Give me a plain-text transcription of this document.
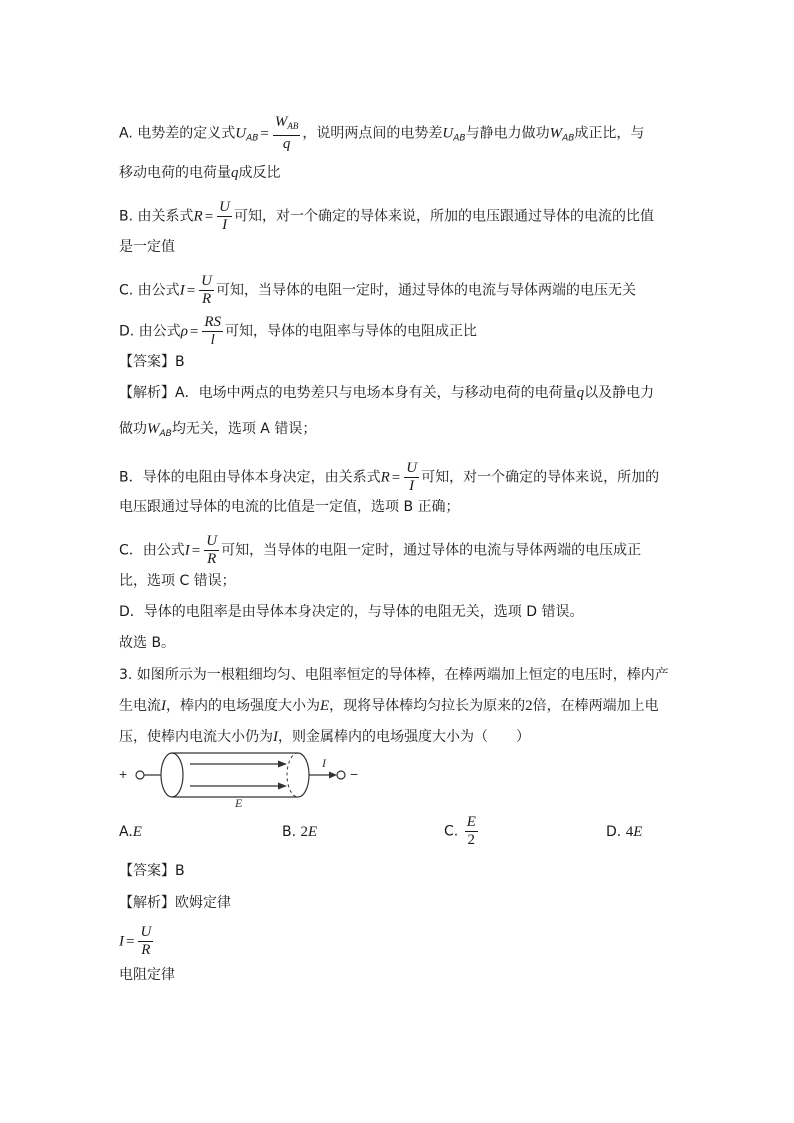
A. 电势差的定义式$U_{AB} = \frac{W_{AB}}{q}$ ，说明两点间的电势差$U_{AB}$与静电力做功$W_{AB}$成正比，与
移动电荷的电荷量q成反比
B. 由关系式$R = \frac{U}{I}$ 可知，对一个确定的导体来说，所加的电压跟通过导体的电流的比值
是一定值
C. 由公式$I = \frac{U}{R}$ 可知，当导体的电阻一定时，通过导体的电流与导体两端的电压无关
D. 由公式$\rho = \frac{RS}{l}$ 可知，导体的电阻率与导体的电阻成正比
【答案】B
【解析】A．电场中两点的电势差只与电场本身有关，与移动电荷的电荷量q以及静电力
做功$W_{AB}$均无关，选项 A 错误；
B．导体的电阻由导体本身决定，由关系式$R = \frac{U}{I}$ 可知，对一个确定的导体来说，所加的
电压跟通过导体的电流的比值是一定值，选项 B 正确；
C．由公式$I = \frac{U}{R}$ 可知，当导体的电阻一定时，通过导体的电流与导体两端的电压成正
比，选项 C 错误；
D．导体的电阻率是由导体本身决定的，与导体的电阻无关，选项 D 错误。
故选 B。
3. 如图所示为一根粗细均匀、电阻率恒定的导体棒，在棒两端加上恒定的电压时，棒内产
生电流I，棒内的电场强度大小为E，现将导体棒均匀拉长为原来的2倍，在棒两端加上电
压，使棒内电流大小仍为I，则金属棒内的电场强度大小为（　　）
+
E
I
−
A.E	B. 2E	C. $\frac{E}{2}$	D. 4E
【答案】B
【解析】欧姆定律
$I = \frac{U}{R}$
电阻定律
